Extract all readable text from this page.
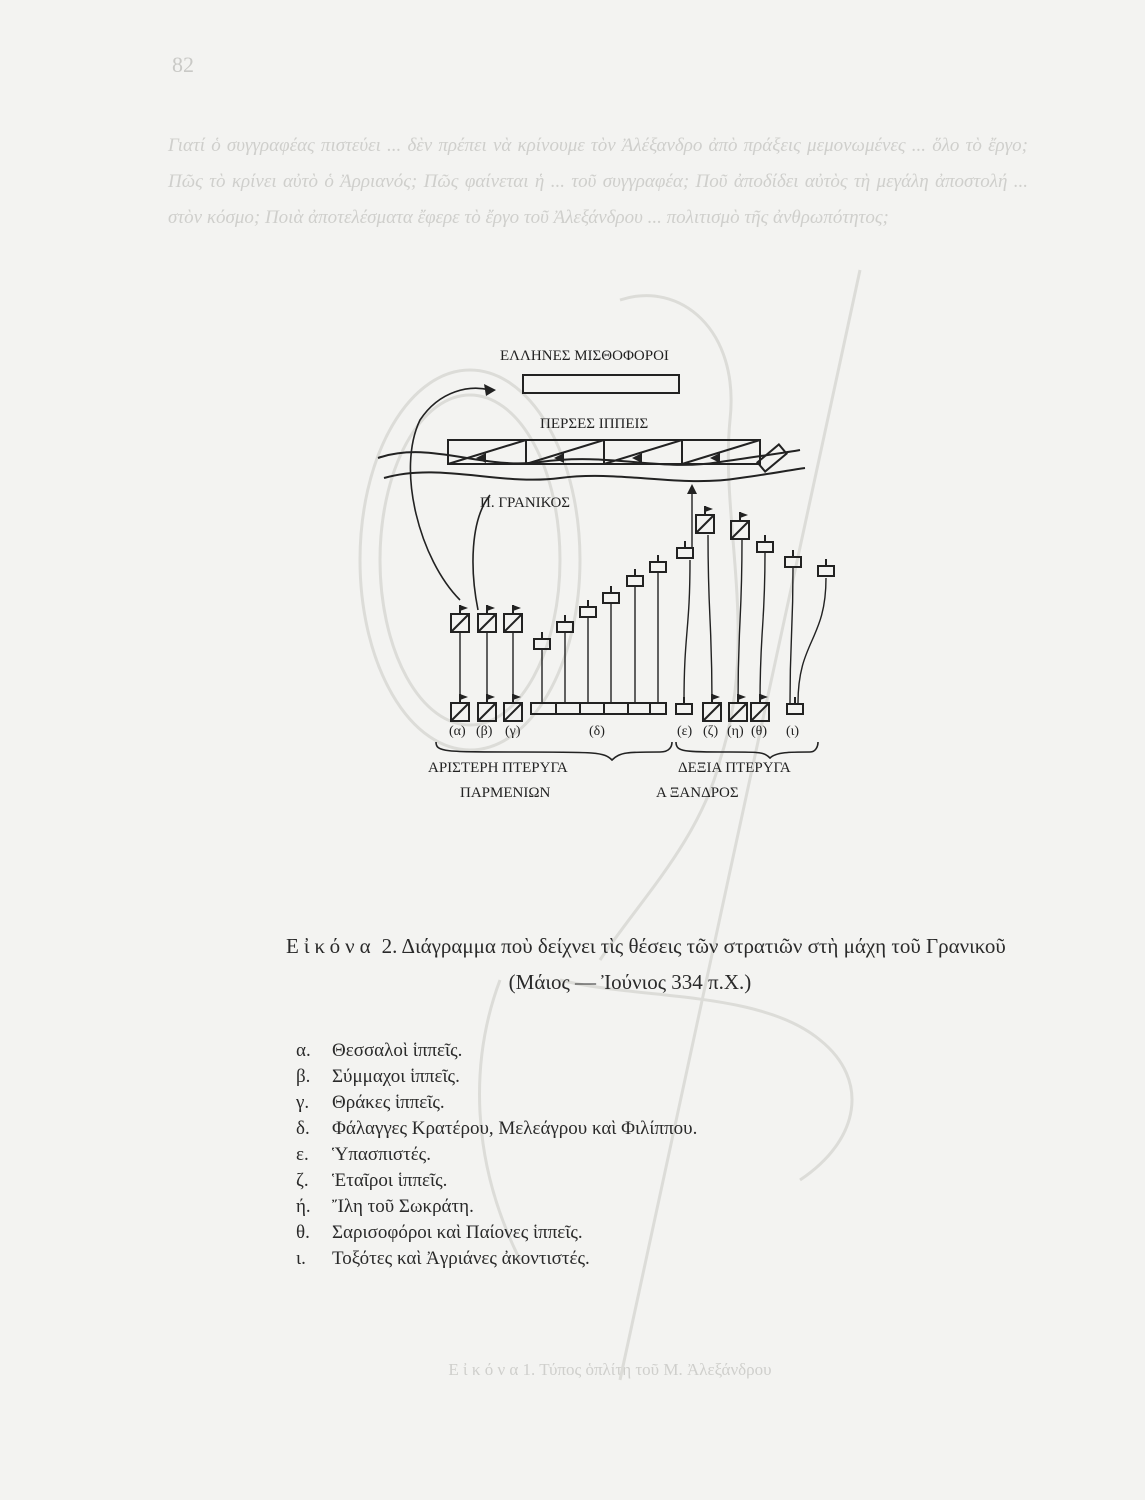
82
Γιατί ὁ συγγραφέας πιστεύει ... δὲν πρέπει νὰ κρίνουμε τὸν Ἀλέξανδρο ἀπὸ πράξεις μεμονωμένες ... ὅλο τὸ ἔργο; Πῶς τὸ κρίνει αὐτὸ ὁ Ἀρριανός; Πῶς φαίνεται ἡ ... τοῦ συγγραφέα; Ποῦ ἀποδίδει αὐτὸς τὴ μεγάλη ἀποστολή ... στὸν κόσμο; Ποιὰ ἀποτελέσματα ἔφερε τὸ ἔργο τοῦ Ἀλεξάνδρου ... πολιτισμὸ τῆς ἀνθρωπότητος;
Ε ἰ κ ό ν α 1. Τύπος ὁπλίτη τοῦ Μ. Ἀλεξάνδρου
ΕΛΛΗΝΕΣ ΜΙΣΘΟΦΟΡΟΙ
ΠΕΡΣΕΣ ΙΠΠΕΙΣ
Π. ΓΡΑΝΙΚΟΣ
(α) (β) (γ)	(δ)	(ε) (ζ) (η) (θ) (ι)
ΑΡΙΣΤΕΡΗ ΠΤΕΡΥΓΑ
ΠΑΡΜΕΝΙΩΝ
ΔΕΞΙΑ ΠΤΕΡΥΓΑ
Α ΞΑΝΔΡΟΣ
Εἰκόνα 2. Διάγραμμα ποὺ δείχνει τὶς θέσεις τῶν στρατιῶν στὴ μάχη τοῦ Γρανικοῦ
(Μάιος — Ἰούνιος 334 π.Χ.)
α.	Θεσσαλοὶ ἱππεῖς.
β.	Σύμμαχοι ἱππεῖς.
γ.	Θράκες ἱππεῖς.
δ.	Φάλαγγες Κρατέρου, Μελεάγρου καὶ Φιλίππου.
ε.	Ὑπασπιστές.
ζ.	Ἑταῖροι ἱππεῖς.
ή.	Ἴλη τοῦ Σωκράτη.
θ.	Σαρισοφόροι καὶ Παίονες ἱππεῖς.
ι.	Τοξότες καὶ Ἀγριάνες ἀκοντιστές.
